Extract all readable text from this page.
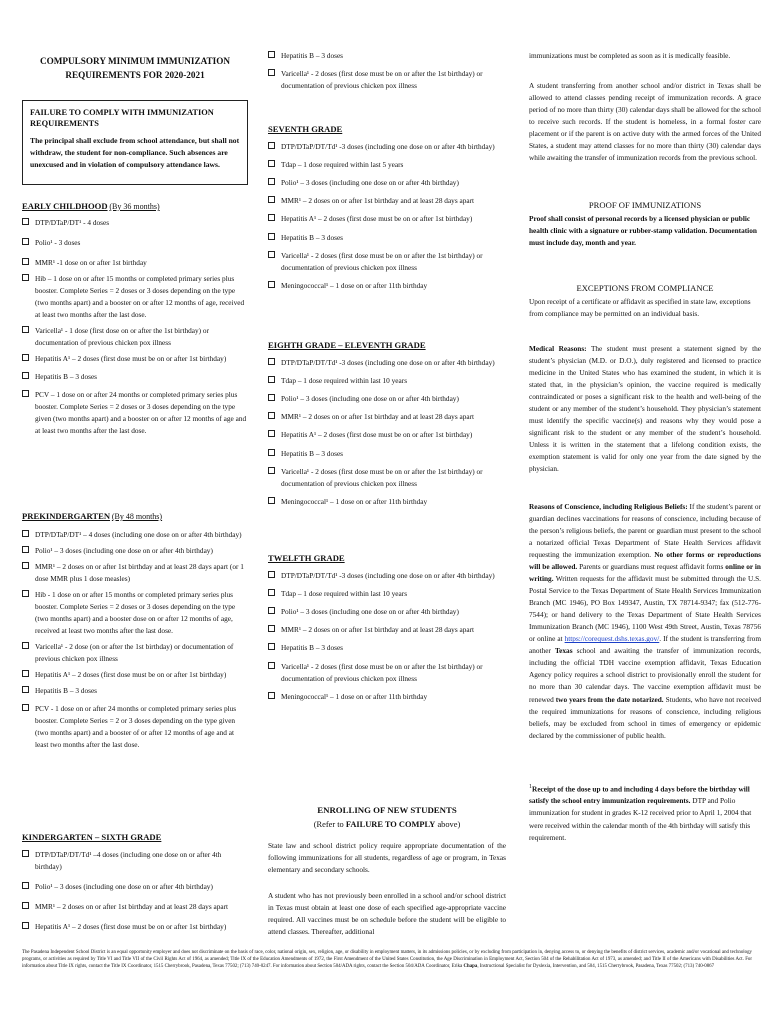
COMPULSORY MINIMUM IMMUNIZATION
REQUIREMENTS FOR 2020-2021
FAILURE TO COMPLY WITH IMMUNIZATION REQUIREMENTS
The principal shall exclude from school attendance, but shall not withdraw, the student for non-compliance. Such absences are unexcused and in violation of compulsory attendance laws.
EARLY CHILDHOOD (By 36 months)
DTP/DTaP/DT¹ - 4 doses
Polio¹ - 3 doses
MMR¹ -1 dose on or after 1st birthday
Hib – 1 dose on or after 15 months or completed primary series plus booster. Complete Series = 2 doses or 3 doses depending on the type (two months apart) and a booster on or after 12 months of age, received at least two months after the last dose.
Varicella¹ - 1 dose (first dose on or after the 1st birthday) or documentation of previous chicken pox illness
Hepatitis A¹ – 2 doses (first dose must be on or after 1st birthday)
Hepatitis B – 3 doses
PCV – 1 dose on or after 24 months or completed primary series plus booster. Complete Series = 2 doses or 3 doses depending on the type given (two months apart) and a booster on or after 12 months of age and at least two months after the last dose.
PREKINDERGARTEN (By 48 months)
DTP/DTaP/DT¹ – 4 doses (including one dose on or after 4th birthday)
Polio¹ – 3 doses (including one dose on or after 4th birthday)
MMR¹ – 2 doses on or after 1st birthday and at least 28 days apart (or 1 dose MMR plus 1 dose measles)
Hib - 1 dose on or after 15 months or completed primary series plus booster. Complete Series = 2 doses or 3 doses depending on the type (two months apart) and a booster dose on or after 12 months of age, received at least two months after the last dose.
Varicella¹ - 2 dose (on or after the 1st birthday) or documentation of previous chicken pox illness
Hepatitis A¹ – 2 doses (first dose must be on or after 1st birthday)
Hepatitis B – 3 doses
PCV - 1 dose on or after 24 months or completed primary series plus booster. Complete Series = 2 or 3 doses depending on the type given (two months apart) and a booster of or after 12 months of age and at least two months after the last dose.
KINDERGARTEN – SIXTH GRADE
DTP/DTaP/DT/Td¹ –4 doses (including one dose on or after 4th birthday)
Polio¹ – 3 doses (including one dose on or after 4th birthday)
MMR¹ – 2 doses on or after 1st birthday and at least 28 days apart
Hepatitis A¹ – 2 doses (first dose must be on or after 1st birthday)
Hepatitis B – 3 doses
Varicella¹ - 2 doses (first dose must be on or after the 1st birthday) or documentation of previous chicken pox illness
SEVENTH GRADE
DTP/DTaP/DT/Td¹ -3 doses (including one dose on or after 4th birthday)
Tdap – 1 dose required within last 5 years
Polio¹ – 3 doses (including one dose on or after 4th birthday)
MMR¹ – 2 doses on or after 1st birthday and at least 28 days apart
Hepatitis A¹ – 2 doses (first dose must be on or after 1st birthday)
Hepatitis B – 3 doses
Varicella¹ - 2 doses (first dose must be on or after the 1st birthday) or documentation of previous chicken pox illness
Meningococcal¹ – 1 dose on or after 11th birthday
EIGHTH GRADE – ELEVENTH GRADE
DTP/DTaP/DT/Td¹ -3 doses (including one dose on or after 4th birthday)
Tdap – 1 dose required within last 10 years
Polio¹ – 3 doses (including one dose on or after 4th birthday)
MMR¹ – 2 doses on or after 1st birthday and at least 28 days apart
Hepatitis A¹ – 2 doses (first dose must be on or after 1st birthday)
Hepatitis B – 3 doses
Varicella¹ - 2 doses (first dose must be on or after the 1st birthday) or documentation of previous chicken pox illness
Meningococcal¹ – 1 dose on or after 11th birthday
TWELFTH GRADE
DTP/DTaP/DT/Td¹ -3 doses (including one dose on or after 4th birthday)
Tdap – 1 dose required within last 10 years
Polio¹ – 3 doses (including one dose on or after 4th birthday)
MMR¹ – 2 doses on or after 1st birthday and at least 28 days apart
Hepatitis B – 3 doses
Varicella¹ - 2 doses (first dose must be on or after the 1st birthday) or documentation of previous chicken pox illness
Meningococcal¹ – 1 dose on or after 11th birthday
ENROLLING OF NEW STUDENTS
(Refer to FAILURE TO COMPLY above)
State law and school district policy require appropriate documentation of the following immunizations for all students, regardless of age or program, in Texas elementary and secondary schools.
A student who has not previously been enrolled in a school and/or school district in Texas must obtain at least one dose of each specified age-appropriate vaccine required. All vaccines must be on schedule before the student will be eligible to attend classes. Thereafter, additional
immunizations must be completed as soon as it is medically feasible.
A student transferring from another school and/or district in Texas shall be allowed to attend classes pending receipt of immunization records. A grace period of no more than thirty (30) calendar days shall be allowed for the school to receive such records. If the student is homeless, in a formal foster care placement or if the parent is on active duty with the armed forces of the United States, a student may attend classes for no more than thirty (30) calendar days while awaiting the transfer of immunization records from the previous school.
PROOF OF IMMUNIZATIONS
Proof shall consist of personal records by a licensed physician or public health clinic with a signature or rubber-stamp validation. Documentation must include day, month and year.
EXCEPTIONS FROM COMPLIANCE
Upon receipt of a certificate or affidavit as specified in state law, exceptions from compliance may be permitted on an individual basis.
Medical Reasons: The student must present a statement signed by the student’s physician (M.D. or D.O.), duly registered and licensed to practice medicine in the United States who has examined the student, in which it is stated that, in the physician’s opinion, the vaccine required is medically contraindicated or poses a significant risk to the health and well-being of the student or any member of the student’s household. They physician’s statement must identify the specific vaccine(s) and reasons why they would pose a significant risk to the student or any member of the student’s household. Unless it is written in the statement that a lifelong condition exists, the exemption statement is valid for only one year from the date signed by the physician.
Reasons of Conscience, including Religious Beliefs: If the student’s parent or guardian declines vaccinations for reasons of conscience, including because of the person’s religious beliefs, the parent or guardian must present to the school a notarized official Texas Department of State Health Services affidavit requesting the immunization exemption. No other forms or reproductions will be allowed. Parents or guardians must request affidavit forms online or in writing. Written requests for the affidavit must be submitted through the U.S. Postal Service to the Texas Department of State Health Services Immunization Branch (MC 1946), PO Box 149347, Austin, TX 78714-9347; fax (512-776-7544); or hand delivery to the Texas Department of State Health Services Immunization Branch (MC 1946), 1100 West 49th Street, Austin, Texas 78756 or online at https://corequest.dshs.texas.gov/. If the student is transferring from another Texas school and awaiting the transfer of immunization records, including the official TDH vaccine exemption affidavit, Texas Education Agency policy requires a school district to provisionally enroll the student for no more than 30 calendar days. The vaccine exemption affidavit must be renewed two years from the date notarized. Students, who have not received the required immunizations for reasons of conscience, including religious beliefs, may be excluded from school in times of emergency or epidemic declared by the commissioner of public health.
$^1$Receipt of the dose up to and including 4 days before the birthday will satisfy the school entry immunization requirements. DTP and Polio immunization for student in grades K-12 received prior to April 1, 2004 that were received within the calendar month of the 4th birthday will satisfy this requirement.
The Pasadena Independent School District is an equal opportunity employer and does not discriminate on the basis of race, color, national origin, sex, religion, age, or disability in employment matters, in its admissions policies, or by excluding from participation in, denying access to, or denying the benefits of district services, academic and/or vocational and technology programs, or activities as required by Title VI and Title VII of the Civil Rights Act of 1964, as amended; Title IX of the Education Amendments of 1972, the First Amendment of the United States Constitution, the Age Discrimination in Employment Act, Section 504 of the Rehabilitation Act of 1973, as amended; and Title II of the Americans with Disabilities Act. For information about Title IX rights, contact the Title IX Coordinator, 1515 Cherrybrook, Pasadena, Texas 77502; (713) 740-0247. For information about Section 504/ADA rights, contact the Section 504/ADA Coordinator, Erika Chapa, Instructional Specialist for Dyslexia, Intervention, and 504, 1515 Cherrybrook, Pasadena, Texas 77502; (713) 740-0867
